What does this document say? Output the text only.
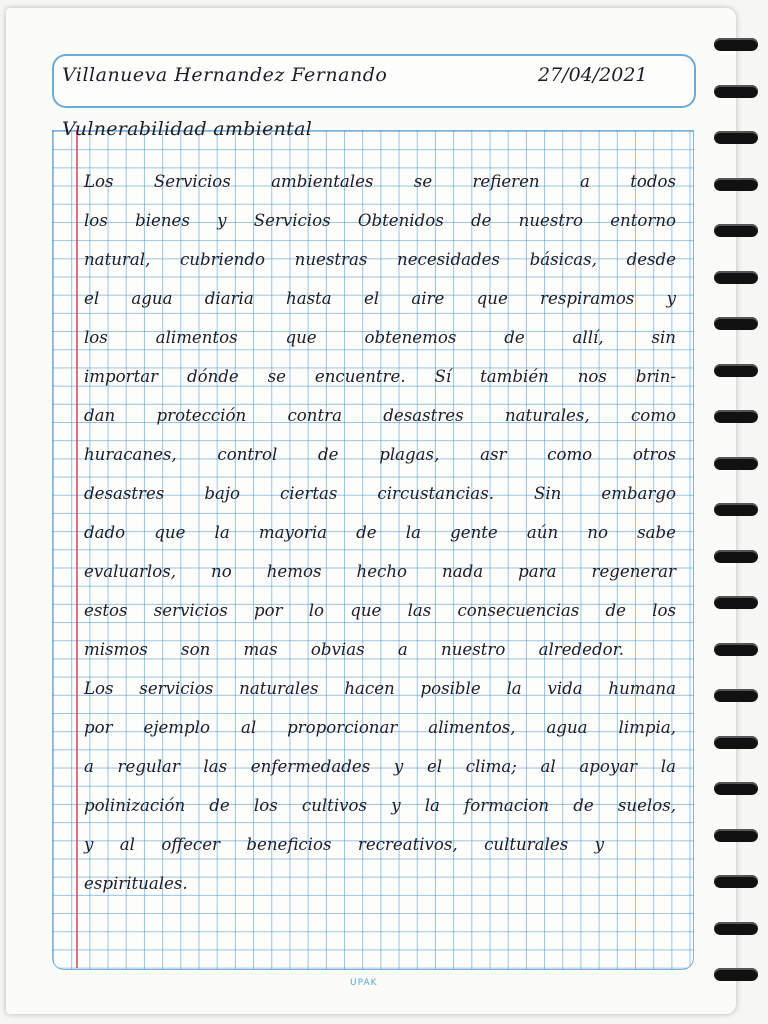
Villanueva Hernandez Fernando	27/04/2021
Vulnerabilidad ambiental
Los Servicios ambientales se refieren a todos
los bienes y Servicios Obtenidos de nuestro entorno
natural, cubriendo nuestras necesidades básicas, desde
el agua diaria hasta el aire que respiramos y
los alimentos que obtenemos de allí, sin
importar dónde se encuentre. Sí también nos brin-
dan protección contra desastres naturales, como
huracanes, control de plagas, asr como otros
desastres bajo ciertas circustancias. Sin embargo
dado que la mayoria de la gente aún no sabe
evaluarlos, no hemos hecho nada para regenerar
estos servicios por lo que las consecuencias de los
mismos son mas obvias a nuestro alrededor.
Los servicios naturales hacen posible la vida humana
por ejemplo al proporcionar alimentos, agua limpia,
a regular las enfermedades y el clima; al apoyar la
polinización de los cultivos y la formacion de suelos,
y al offecer beneficios recreativos, culturales y
espirituales.
UPAK
